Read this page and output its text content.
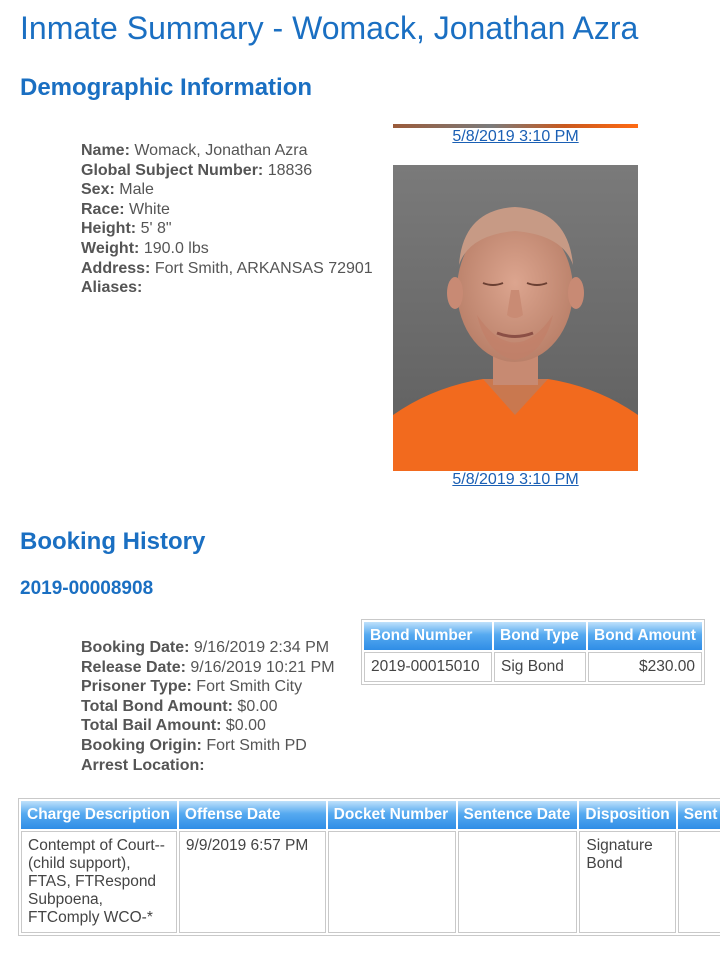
Inmate Summary - Womack, Jonathan Azra
Demographic Information
Name: Womack, Jonathan Azra
Global Subject Number: 18836
Sex: Male
Race: White
Height: 5' 8"
Weight: 190.0 lbs
Address: Fort Smith, ARKANSAS 72901
Aliases:
5/8/2019 3:10 PM
5/8/2019 3:10 PM
Booking History
2019-00008908
Booking Date: 9/16/2019 2:34 PM
Release Date: 9/16/2019 10:21 PM
Prisoner Type: Fort Smith City
Total Bond Amount: $0.00
Total Bail Amount: $0.00
Booking Origin: Fort Smith PD
Arrest Location:
Bond Number	Bond Type	Bond Amount
2019-00015010	Sig Bond	$230.00
Charge Description	Offense Date	Docket Number	Sentence Date	Disposition	Sent
Contempt of Court--(child support), FTAS, FTRespond Subpoena, FTComply WCO-*	9/9/2019 6:57 PM			Signature Bond	
